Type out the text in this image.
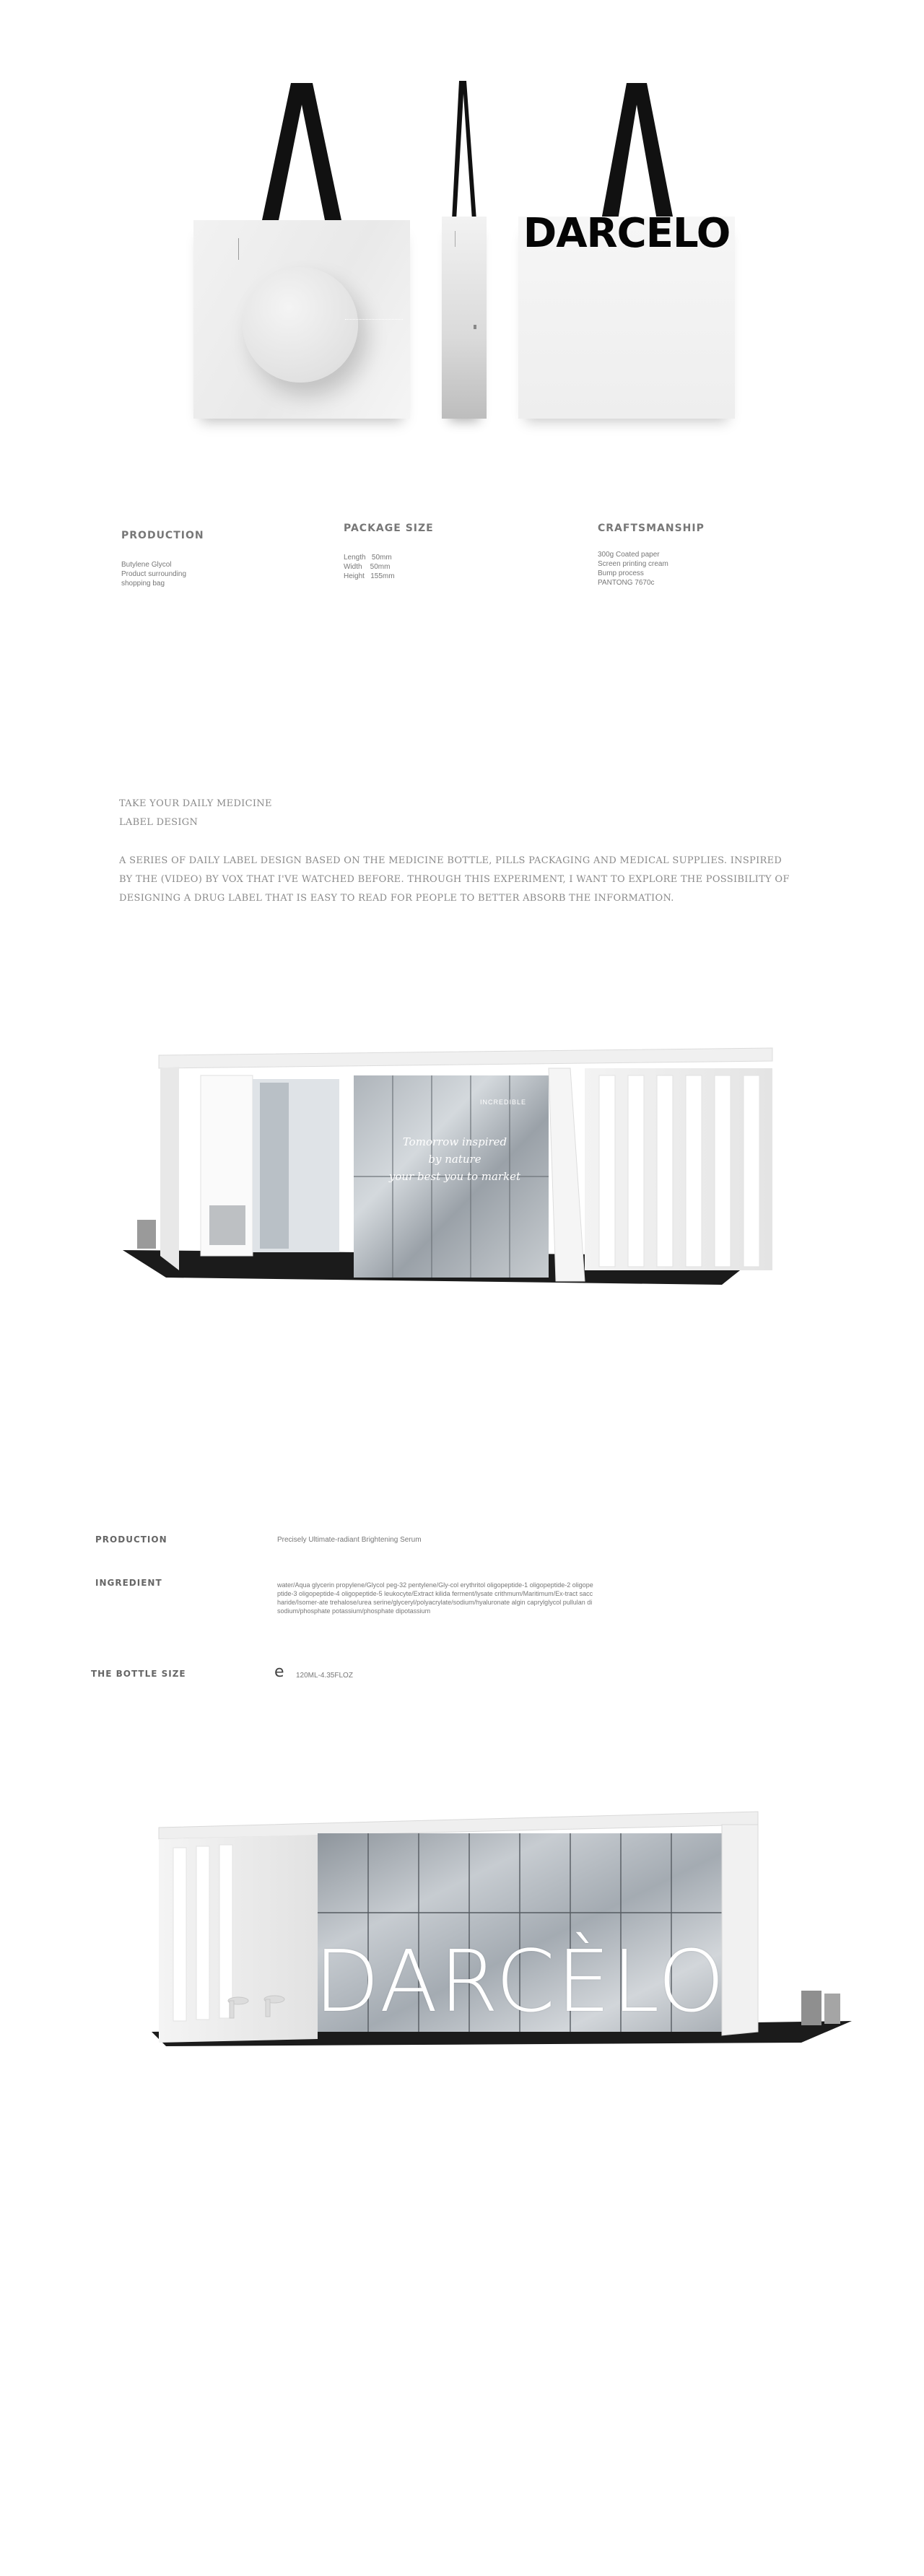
DARCELO
PRODUCTION
Butylene Glycol
Product surrounding
shopping bag
PACKAGE SIZE
Length   50mm
Width    50mm
Height   155mm
CRAFTSMANSHIP
300g Coated paper
Screen printing cream
Bump process
PANTONG 7670c
TAKE YOUR DAILY MEDICINE
LABEL DESIGN
A SERIES OF DAILY LABEL DESIGN BASED ON THE MEDICINE BOTTLE, PILLS PACKAGING AND MEDICAL SUPPLIES. INSPIRED BY THE (VIDEO) BY VOX THAT I'VE WATCHED BEFORE. THROUGH THIS EXPERIMENT, I WANT TO EXPLORE THE POSSIBILITY OF DESIGNING A DRUG LABEL THAT IS EASY TO READ FOR PEOPLE TO BETTER ABSORB THE INFORMATION.
INCREDIBLE
Tomorrow inspired
by nature
your best you to market
PRODUCTION	Precisely Ultimate-radiant Brightening Serum
INGREDIENT	water/Aqua glycerin propylene/Glycol peg-32 pentylene/Gly-col erythritol oligopeptide-1 oligopeptide-2 oligopeptide-3 oligopeptide-4 oligopeptide-5 leukocyte/Extract kilida ferment/lysate crithmum/Maritimum/Ex-tract saccharide/Isomer-ate trehalose/urea serine/glyceryl/polyacrylate/sodium/hyaluronate algin caprylglycol pullulan disodium/phosphate potassium/phosphate dipotassium
THE BOTTLE SIZE	e 120ML-4.35FLOZ
DARCÈLO
